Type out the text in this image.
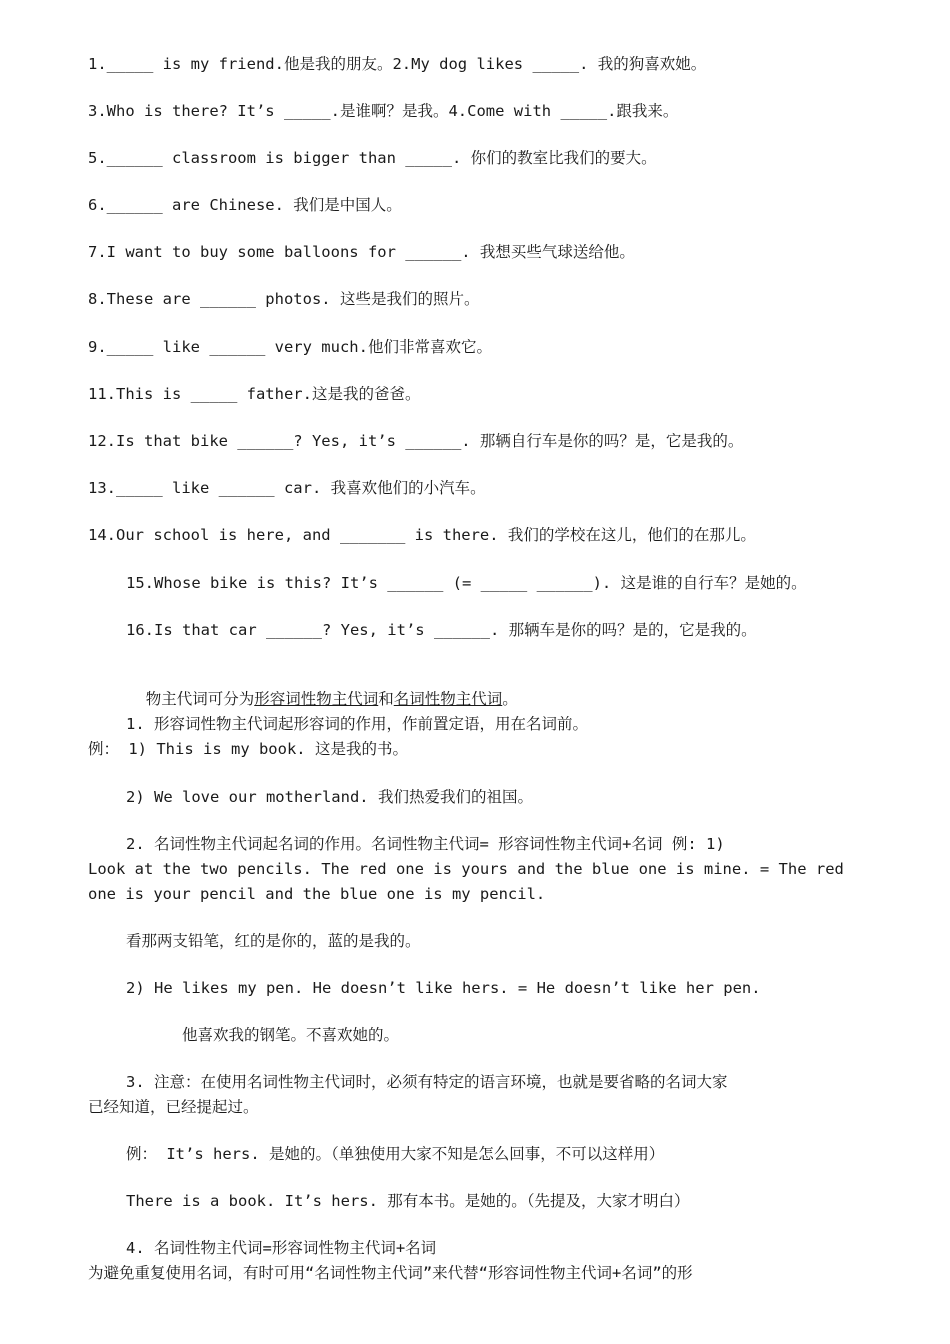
1._____ is my friend.他是我的朋友。2.My dog likes _____. 我的狗喜欢她。
3.Who is there? It’s _____.是谁啊？是我。4.Come with _____.跟我来。
5.______ classroom is bigger than _____. 你们的教室比我们的要大。
6.______ are Chinese. 我们是中国人。
7.I want to buy some balloons for ______. 我想买些气球送给他。
8.These are ______ photos. 这些是我们的照片。
9._____ like ______ very much.他们非常喜欢它。
11.This is _____ father.这是我的爸爸。
12.Is that bike ______? Yes, it’s ______. 那辆自行车是你的吗？是，它是我的。
13._____ like ______ car. 我喜欢他们的小汽车。
14.Our school is here, and _______ is there. 我们的学校在这儿，他们的在那儿。
15.Whose bike is this? It’s ______ (= _____ ______). 这是谁的自行车？是她的。
16.Is that car ______? Yes, it’s ______. 那辆车是你的吗？是的，它是我的。

物主代词可分为形容词性物主代词和名词性物主代词。

1. 形容词性物主代词起形容词的作用，作前置定语，用在名词前。
例： 1) This is my book. 这是我的书。
2) We love our motherland. 我们热爱我们的祖国。
2. 名词性物主代词起名词的作用。名词性物主代词= 形容词性物主代词+名词 例: 1)
Look at the two pencils. The red one is yours and the blue one is mine. = The red
one is your pencil and the blue one is my pencil.
看那两支铅笔，红的是你的，蓝的是我的。
2) He likes my pen. He doesn’t like hers. = He doesn’t like her pen.
他喜欢我的钢笔。不喜欢她的。
3. 注意：在使用名词性物主代词时，必须有特定的语言环境，也就是要省略的名词大家
已经知道，已经提起过。
例： It’s hers. 是她的。（单独使用大家不知是怎么回事，不可以这样用）
There is a book. It’s hers. 那有本书。是她的。（先提及，大家才明白）
4. 名词性物主代词=形容词性物主代词+名词
为避免重复使用名词，有时可用“名词性物主代词”来代替“形容词性物主代词+名词”的形
